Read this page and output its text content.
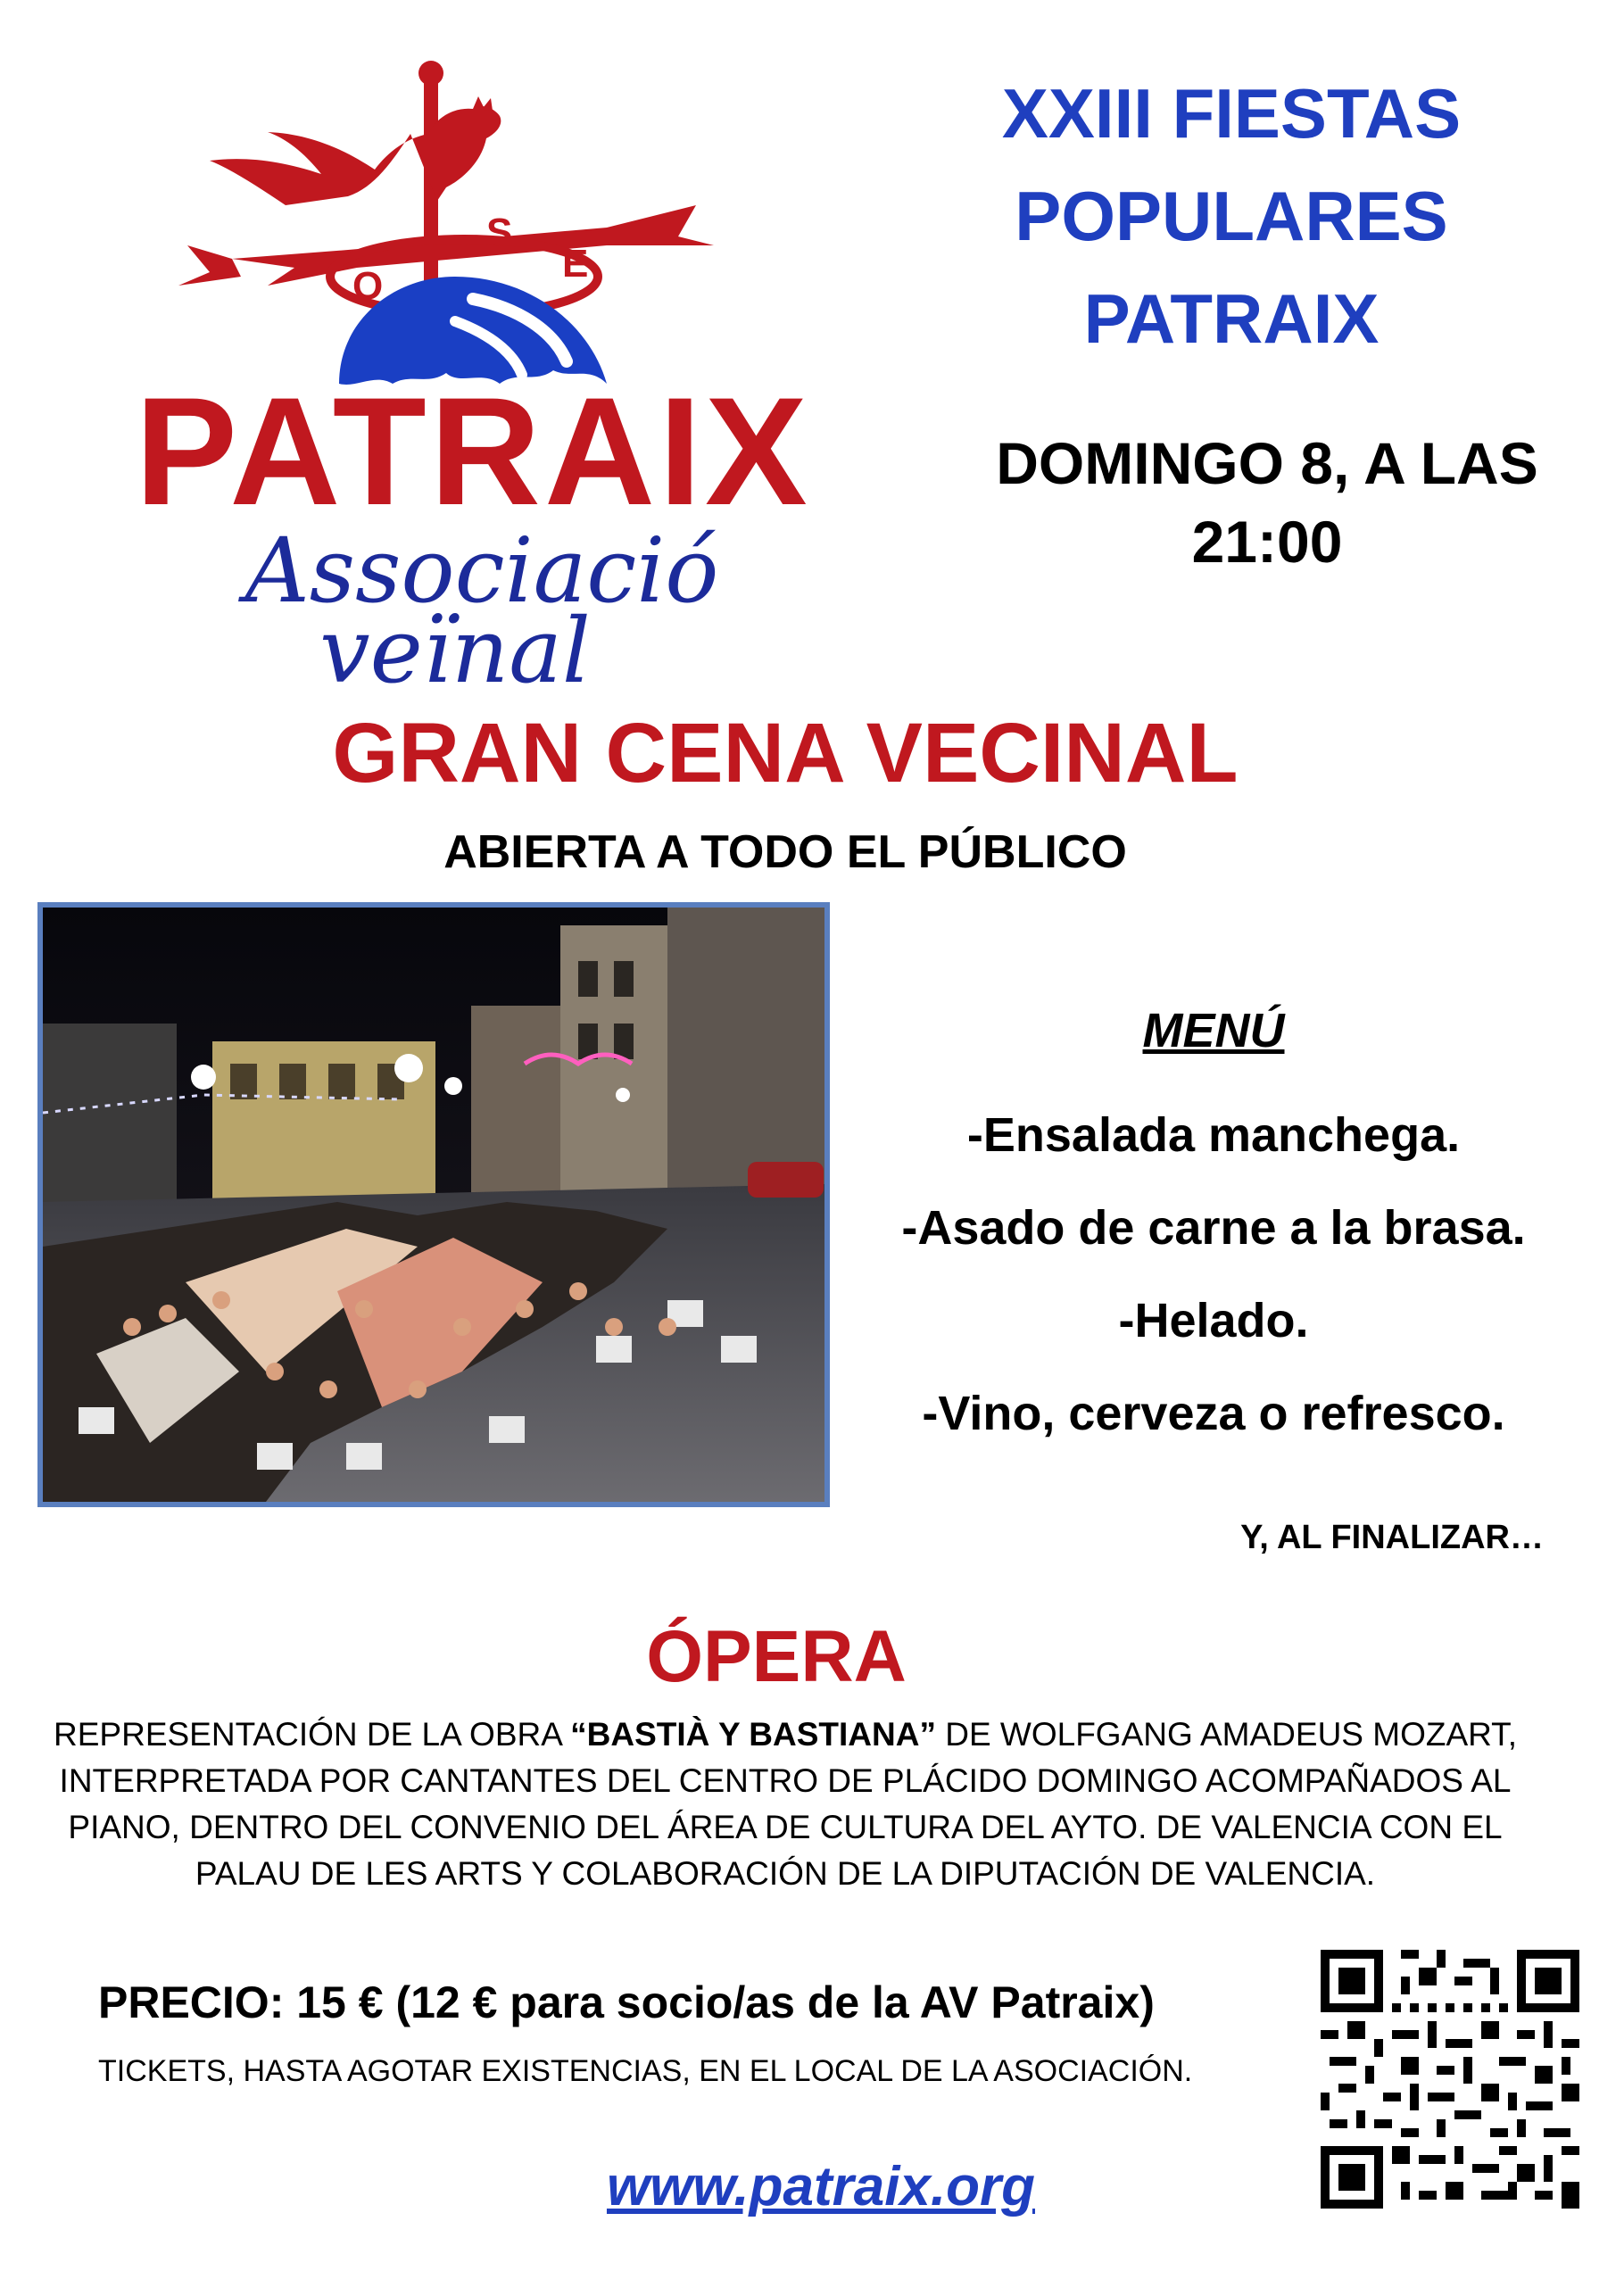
O
S
E
PATRAIX
Associació
veïnal
XXIII FIESTAS
POPULARES
PATRAIX
DOMINGO 8, A LAS
21:00
GRAN CENA VECINAL
ABIERTA A TODO EL PÚBLICO
MENÚ
-Ensalada manchega.
-Asado de carne a la brasa.
-Helado.
-Vino, cerveza o refresco.
Y, AL FINALIZAR…
ÓPERA
REPRESENTACIÓN DE LA OBRA “BASTIÀ Y BASTIANA” DE WOLFGANG AMADEUS MOZART, INTERPRETADA POR CANTANTES DEL CENTRO DE PLÁCIDO DOMINGO ACOMPAÑADOS AL PIANO, DENTRO DEL CONVENIO DEL ÁREA DE CULTURA DEL AYTO. DE VALENCIA CON EL PALAU DE LES ARTS Y COLABORACIÓN DE LA DIPUTACIÓN DE VALENCIA.
PRECIO: 15 € (12 € para socio/as de la AV Patraix)
TICKETS, HASTA AGOTAR EXISTENCIAS, EN EL LOCAL DE LA ASOCIACIÓN.
www.patraix.org
